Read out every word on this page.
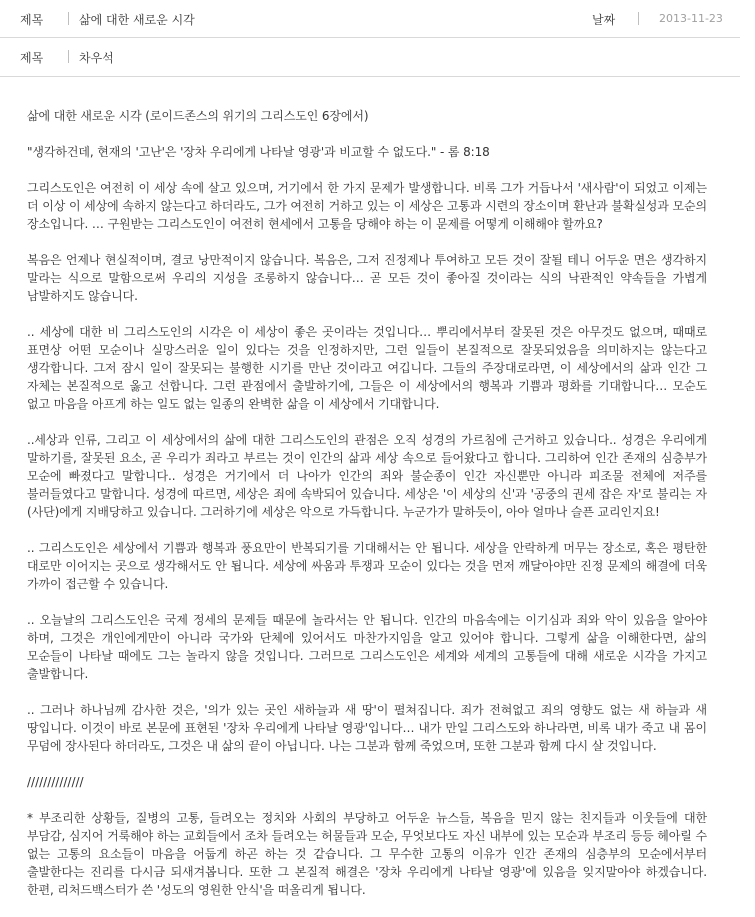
제목	삶에 대한 새로운 시각	날짜	2013-11-23
제목	차우석

삶에 대한 새로운 시각 (로이드존스의 위기의 그리스도인 6장에서)

"생각하건데, 현재의 '고난'은 '장차 우리에게 나타날 영광'과 비교할 수 없도다." - 롬 8:18

그리스도인은 여전히 이 세상 속에 살고 있으며, 거기에서 한 가지 문제가 발생합니다. 비록 그가 거듭나서 '새사람'이 되었고 이제는 더 이상 이 세상에 속하지 않는다고 하더라도, 그가 여전히 거하고 있는 이 세상은 고통과 시련의 장소이며 환난과 불확실성과 모순의 장소입니다. … 구원받는 그리스도인이 여전히 현세에서 고통을 당해야 하는 이 문제를 어떻게 이해해야 할까요?

복음은 언제나 현실적이며, 결코 낭만적이지 않습니다. 복음은, 그저 진정제나 투여하고 모든 것이 잘될 테니 어두운 면은 생각하지 말라는 식으로 말함으로써 우리의 지성을 조롱하지 않습니다… 곧 모든 것이 좋아질 것이라는 식의 낙관적인 약속들을 가볍게 남발하지도 않습니다.

.. 세상에 대한 비 그리스도인의 시각은 이 세상이 좋은 곳이라는 것입니다… 뿌리에서부터 잘못된 것은 아무것도 없으며, 때때로 표면상 어떤 모순이나 실망스러운 일이 있다는 것을 인정하지만, 그런 일들이 본질적으로 잘못되었음을 의미하지는 않는다고 생각합니다. 그저 잠시 일이 잘못되는 불행한 시기를 만난 것이라고 여깁니다. 그들의 주장대로라면, 이 세상에서의 삶과 인간 그 자체는 본질적으로 옳고 선합니다. 그런 관점에서 출발하기에, 그들은 이 세상에서의 행복과 기쁨과 평화를 기대합니다… 모순도 없고 마음을 아프게 하는 일도 없는 일종의 완벽한 삶을 이 세상에서 기대합니다.

..세상과 인류, 그리고 이 세상에서의 삶에 대한 그리스도인의 관점은 오직 성경의 가르침에 근거하고 있습니다.. 성경은 우리에게 말하기를, 잘못된 요소, 곧 우리가 죄라고 부르는 것이 인간의 삶과 세상 속으로 들어왔다고 합니다. 그리하여 인간 존재의 심층부가 모순에 빠졌다고 말합니다.. 성경은 거기에서 더 나아가 인간의 죄와 불순종이 인간 자신뿐만 아니라 피조물 전체에 저주를 불러들였다고 말합니다. 성경에 따르면, 세상은 죄에 속박되어 있습니다. 세상은 '이 세상의 신'과 '공중의 권세 잡은 자'로 불리는 자(사단)에게 지배당하고 있습니다. 그러하기에 세상은 악으로 가득합니다. 누군가가 말하듯이, 아아 얼마나 슬픈 교리인지요!

.. 그리스도인은 세상에서 기쁨과 행복과 풍요만이 반복되기를 기대해서는 안 됩니다. 세상을 안락하게 머무는 장소로, 혹은 평탄한 대로만 이어지는 곳으로 생각해서도 안 됩니다. 세상에 싸움과 투쟁과 모순이 있다는 것을 먼저 깨달아야만 진정 문제의 해결에 더욱 가까이 접근할 수 있습니다.

.. 오늘날의 그리스도인은 국제 정세의 문제들 때문에 놀라서는 안 됩니다. 인간의 마음속에는 이기심과 죄와 악이 있음을 알아야 하며, 그것은 개인에게만이 아니라 국가와 단체에 있어서도 마찬가지임을 알고 있어야 합니다. 그렇게 삶을 이해한다면, 삶의 모순들이 나타날 때에도 그는 놀라지 않을 것입니다. 그러므로 그리스도인은 세계와 세계의 고통들에 대해 새로운 시각을 가지고 출발합니다.

.. 그러나 하나님께 감사한 것은, '의가 있는 곳인 새하늘과 새 땅'이 펼쳐집니다. 죄가 전혀없고 죄의 영향도 없는 새 하늘과 새 땅입니다. 이것이 바로 본문에 표현된 '장차 우리에게 나타날 영광'입니다… 내가 만일 그리스도와 하나라면, 비록 내가 죽고 내 몸이 무덤에 장사된다 하더라도, 그것은 내 삶의 끝이 아닙니다. 나는 그분과 함께 죽었으며, 또한 그분과 함께 다시 살 것입니다.

//////////////

* 부조리한 상황들, 질병의 고통, 들려오는 정치와 사회의 부당하고 어두운 뉴스들, 복음을 믿지 않는 친지들과 이웃들에 대한 부담감, 심지어 거룩해야 하는 교회들에서 조차 들려오는 허물들과 모순, 무엇보다도 자신 내부에 있는 모순과 부조리 등등 헤아릴 수 없는 고통의 요소들이 마음을 어둡게 하곤 하는 것 같습니다. 그 무수한 고통의 이유가 인간 존재의 심층부의 모순에서부터 출발한다는 진리를 다시금 되새겨봅니다. 또한 그 본질적 해결은 '장차 우리에게 나타날 영광'에 있음을 잊지말아야 하겠습니다. 한편, 리처드백스터가 쓴 '성도의 영원한 안식'을 떠올리게 됩니다.
